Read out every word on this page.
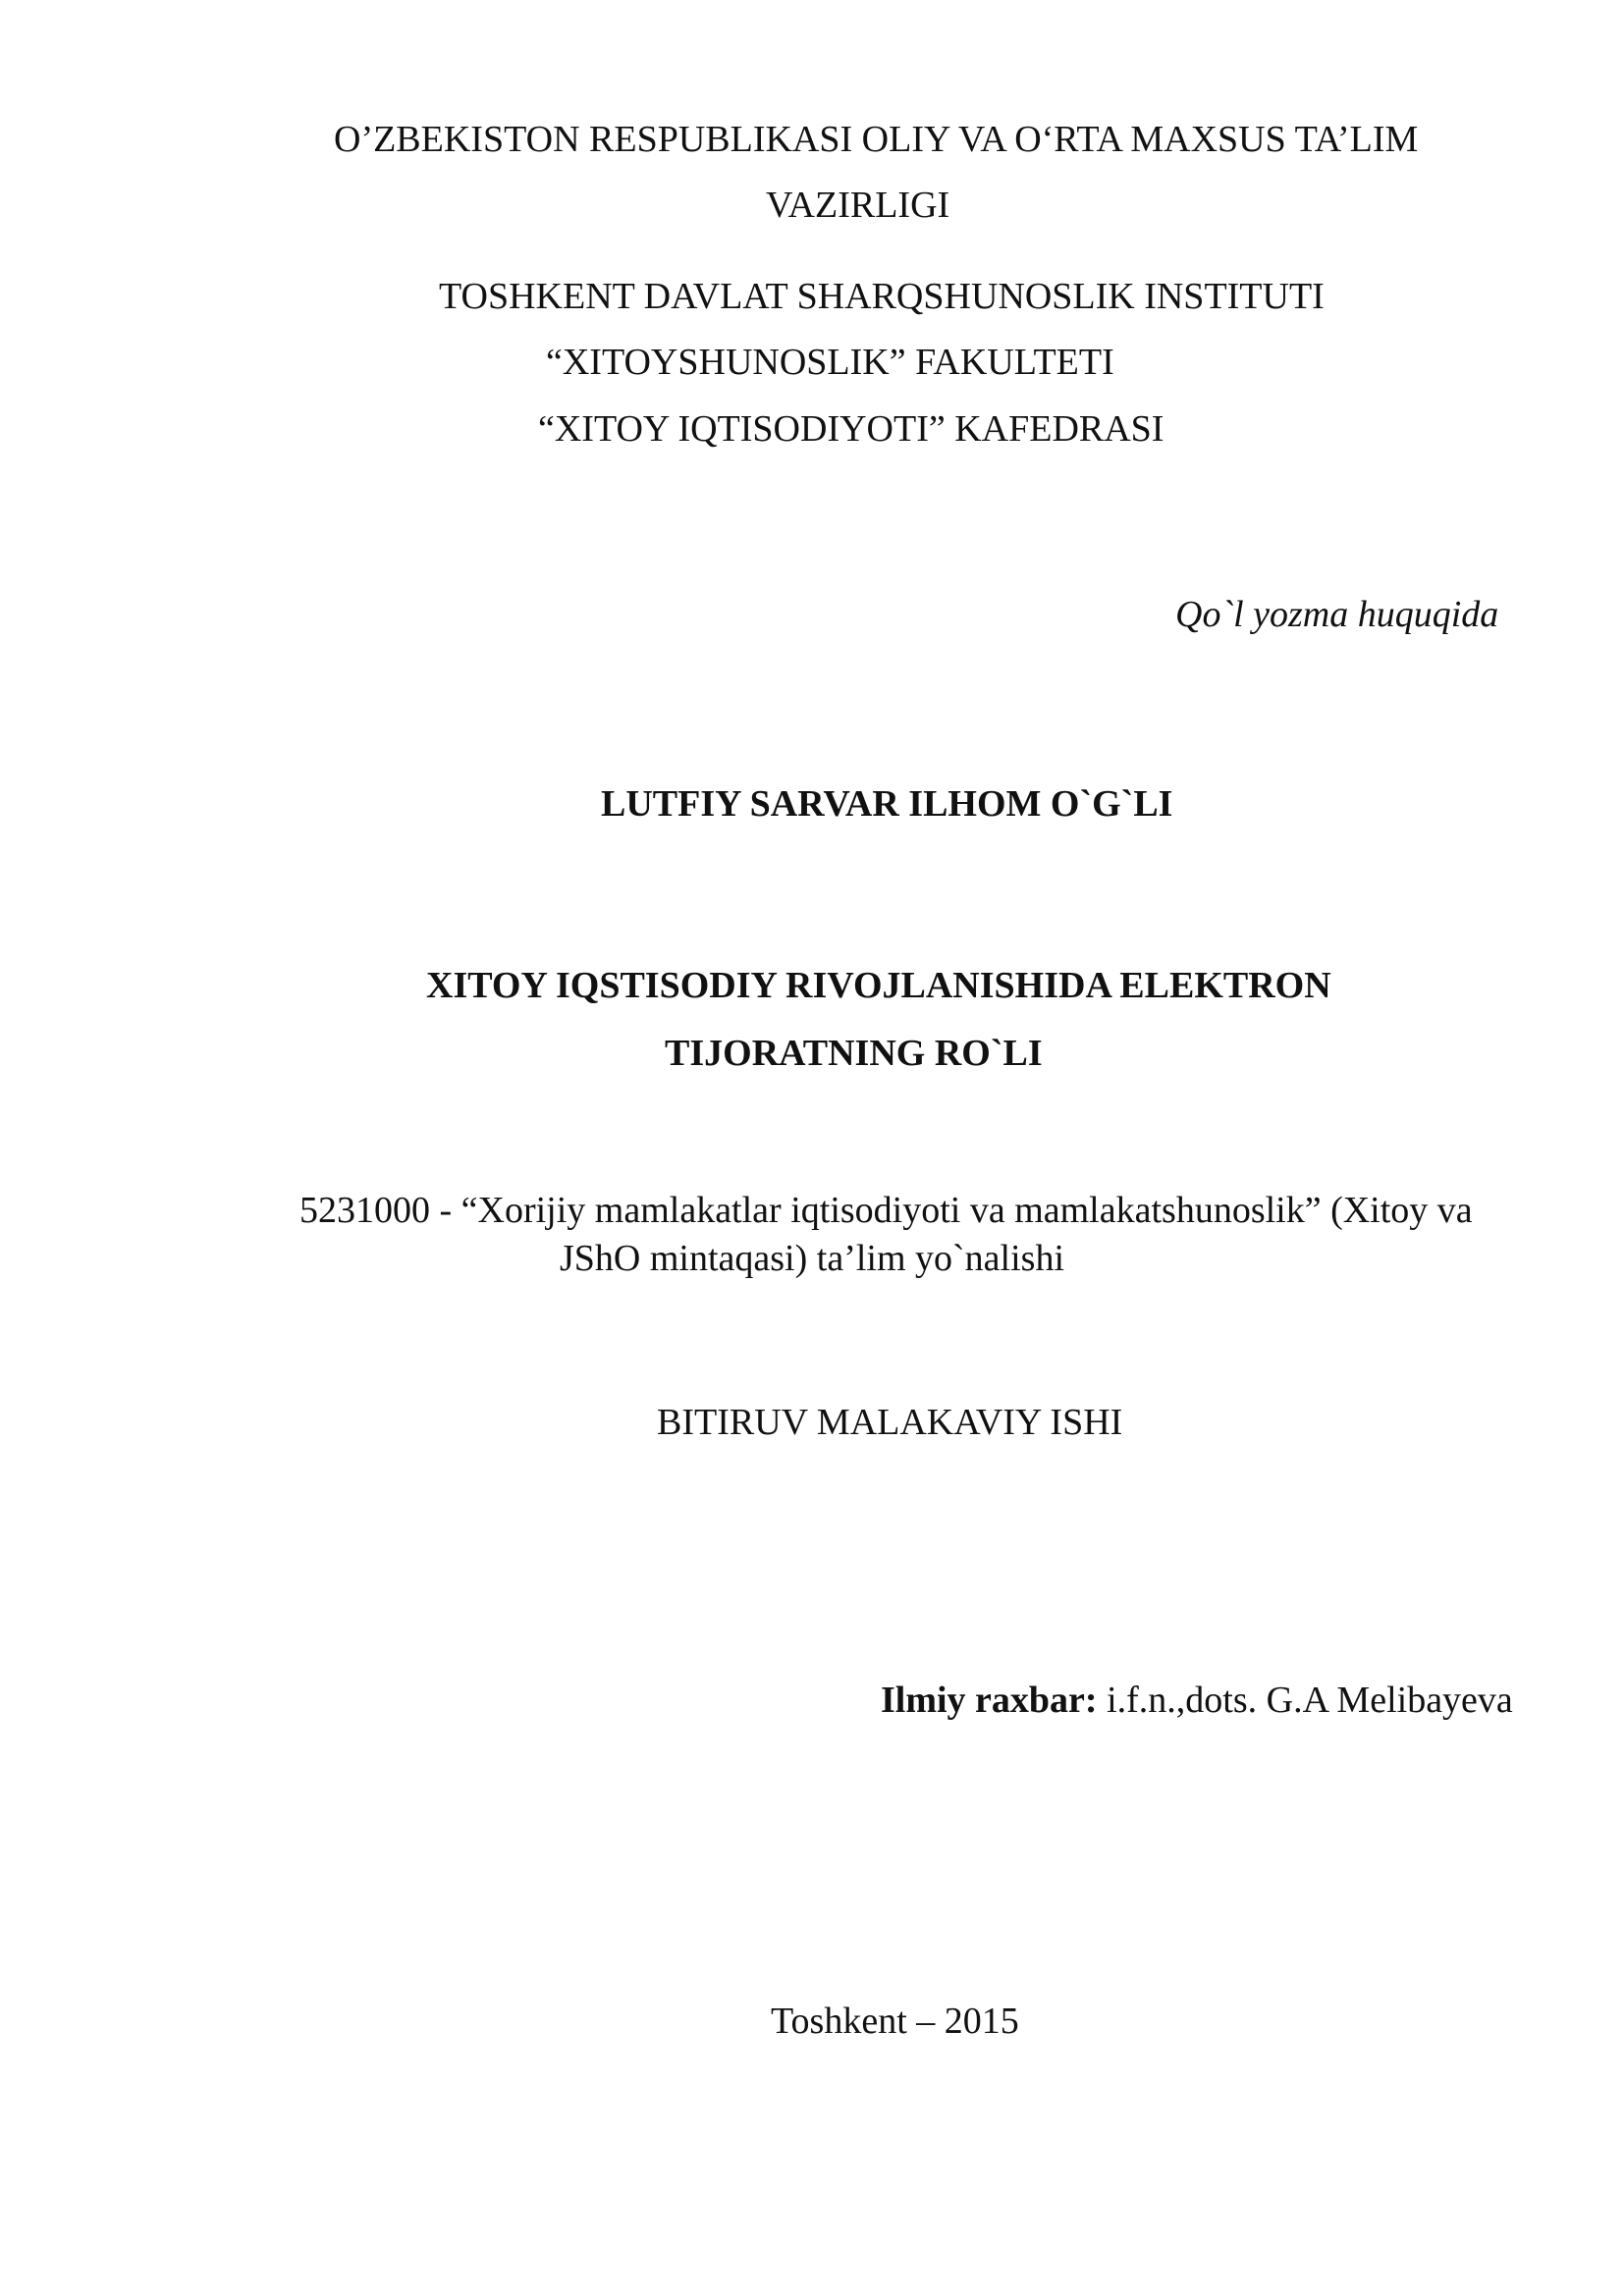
O’ZBEKISTON RESPUBLIKASI OLIY VA O‘RTA MAXSUS TA’LIM
VAZIRLIGI
TOSHKENT DAVLAT SHARQSHUNOSLIK INSTITUTI
“XITOYSHUNOSLIK” FAKULTETI
“XITOY IQTISODIYOTI” KAFEDRASI
Qo`l yozma huquqida
LUTFIY SARVAR ILHOM O`G`LI
XITOY IQSTISODIY RIVOJLANISHIDA ELEKTRON
TIJORATNING RO`LI
5231000 - “Xorijiy mamlakatlar iqtisodiyoti va mamlakatshunoslik” (Xitoy va
JShO mintaqasi) ta’lim yo`nalishi
BITIRUV MALAKAVIY ISHI
Ilmiy raxbar: i.f.n.,dots. G.A Melibayeva
Toshkent – 2015
